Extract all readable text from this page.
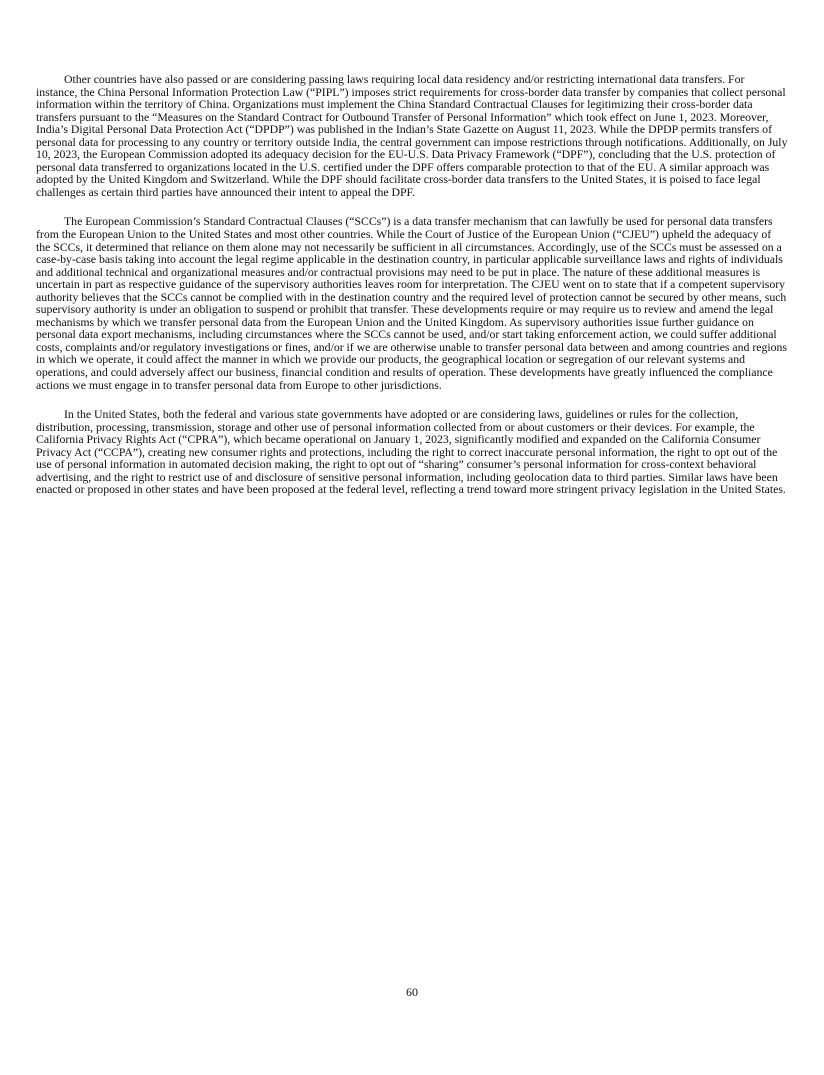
Other countries have also passed or are considering passing laws requiring local data residency and/or restricting international data transfers. For instance, the China Personal Information Protection Law (“PIPL”) imposes strict requirements for cross-border data transfer by companies that collect personal information within the territory of China. Organizations must implement the China Standard Contractual Clauses for legitimizing their cross-border data transfers pursuant to the “Measures on the Standard Contract for Outbound Transfer of Personal Information” which took effect on June 1, 2023. Moreover, India’s Digital Personal Data Protection Act (“DPDP”) was published in the Indian’s State Gazette on August 11, 2023. While the DPDP permits transfers of personal data for processing to any country or territory outside India, the central government can impose restrictions through notifications. Additionally, on July 10, 2023, the European Commission adopted its adequacy decision for the EU-U.S. Data Privacy Framework (“DPF”), concluding that the U.S. protection of personal data transferred to organizations located in the U.S. certified under the DPF offers comparable protection to that of the EU. A similar approach was adopted by the United Kingdom and Switzerland. While the DPF should facilitate cross-border data transfers to the United States, it is poised to face legal challenges as certain third parties have announced their intent to appeal the DPF.

The European Commission’s Standard Contractual Clauses (“SCCs”) is a data transfer mechanism that can lawfully be used for personal data transfers from the European Union to the United States and most other countries. While the Court of Justice of the European Union (“CJEU”) upheld the adequacy of the SCCs, it determined that reliance on them alone may not necessarily be sufficient in all circumstances. Accordingly, use of the SCCs must be assessed on a case-by-case basis taking into account the legal regime applicable in the destination country, in particular applicable surveillance laws and rights of individuals and additional technical and organizational measures and/or contractual provisions may need to be put in place. The nature of these additional measures is uncertain in part as respective guidance of the supervisory authorities leaves room for interpretation. The CJEU went on to state that if a competent supervisory authority believes that the SCCs cannot be complied with in the destination country and the required level of protection cannot be secured by other means, such supervisory authority is under an obligation to suspend or prohibit that transfer. These developments require or may require us to review and amend the legal mechanisms by which we transfer personal data from the European Union and the United Kingdom. As supervisory authorities issue further guidance on personal data export mechanisms, including circumstances where the SCCs cannot be used, and/or start taking enforcement action, we could suffer additional costs, complaints and/or regulatory investigations or fines, and/or if we are otherwise unable to transfer personal data between and among countries and regions in which we operate, it could affect the manner in which we provide our products, the geographical location or segregation of our relevant systems and operations, and could adversely affect our business, financial condition and results of operation. These developments have greatly influenced the compliance actions we must engage in to transfer personal data from Europe to other jurisdictions.

In the United States, both the federal and various state governments have adopted or are considering laws, guidelines or rules for the collection, distribution, processing, transmission, storage and other use of personal information collected from or about customers or their devices. For example, the California Privacy Rights Act (“CPRA”), which became operational on January 1, 2023, significantly modified and expanded on the California Consumer Privacy Act (“CCPA”), creating new consumer rights and protections, including the right to correct inaccurate personal information, the right to opt out of the use of personal information in automated decision making, the right to opt out of “sharing” consumer’s personal information for cross-context behavioral advertising, and the right to restrict use of and disclosure of sensitive personal information, including geolocation data to third parties. Similar laws have been enacted or proposed in other states and have been proposed at the federal level, reflecting a trend toward more stringent privacy legislation in the United States.

60
